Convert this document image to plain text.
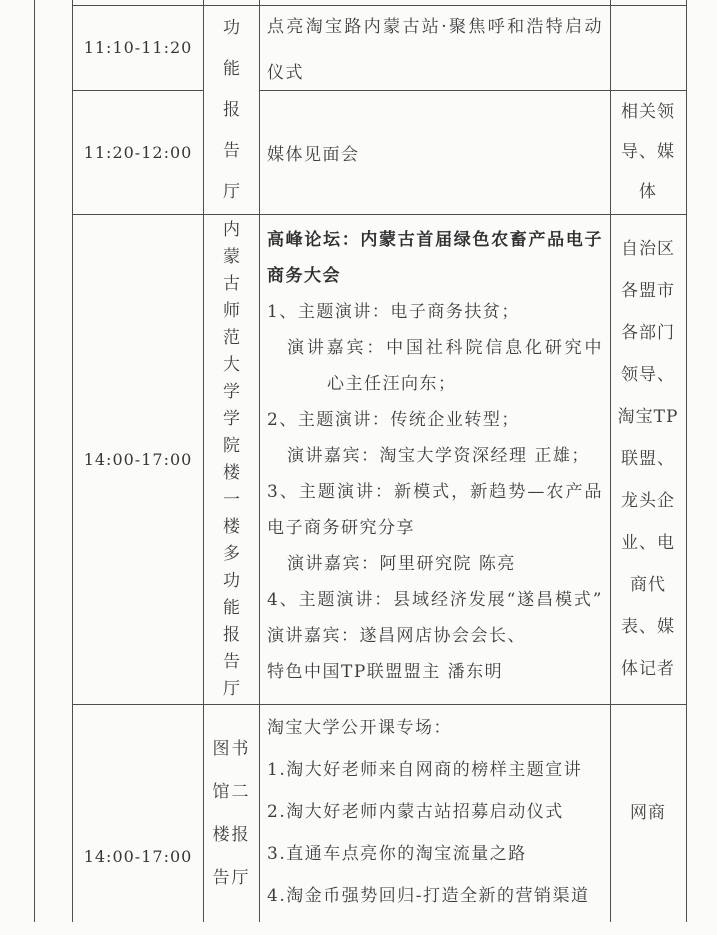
11:10-11:20
11:20-12:00
14:00-17:00
14:00-17:00
功能报告厅
内蒙古师范大学学院楼一楼多功能报告厅
图书馆二楼报告厅
点亮淘宝路内蒙古站·聚焦呼和浩特启动
仪式
媒体见面会
高峰论坛：内蒙古首届绿色农畜产品电子
商务大会
1、主题演讲：电子商务扶贫；
演讲嘉宾：中国社科院信息化研究中
心主任汪向东；
2、主题演讲：传统企业转型；
演讲嘉宾：淘宝大学资深经理 正雄；
3、主题演讲：新模式，新趋势—农产品
电子商务研究分享
演讲嘉宾：阿里研究院 陈亮
4、主题演讲：县域经济发展“遂昌模式”
演讲嘉宾：遂昌网店协会会长、
特色中国TP联盟盟主 潘东明
淘宝大学公开课专场：
1.淘大好老师来自网商的榜样主题宣讲
2.淘大好老师内蒙古站招募启动仪式
3.直通车点亮你的淘宝流量之路
4.淘金币强势回归-打造全新的营销渠道
相关领
导、媒
体
自治区
各盟市
各部门
领导、
淘宝TP
联盟、
龙头企
业、电
商代
表、媒
体记者
网商
